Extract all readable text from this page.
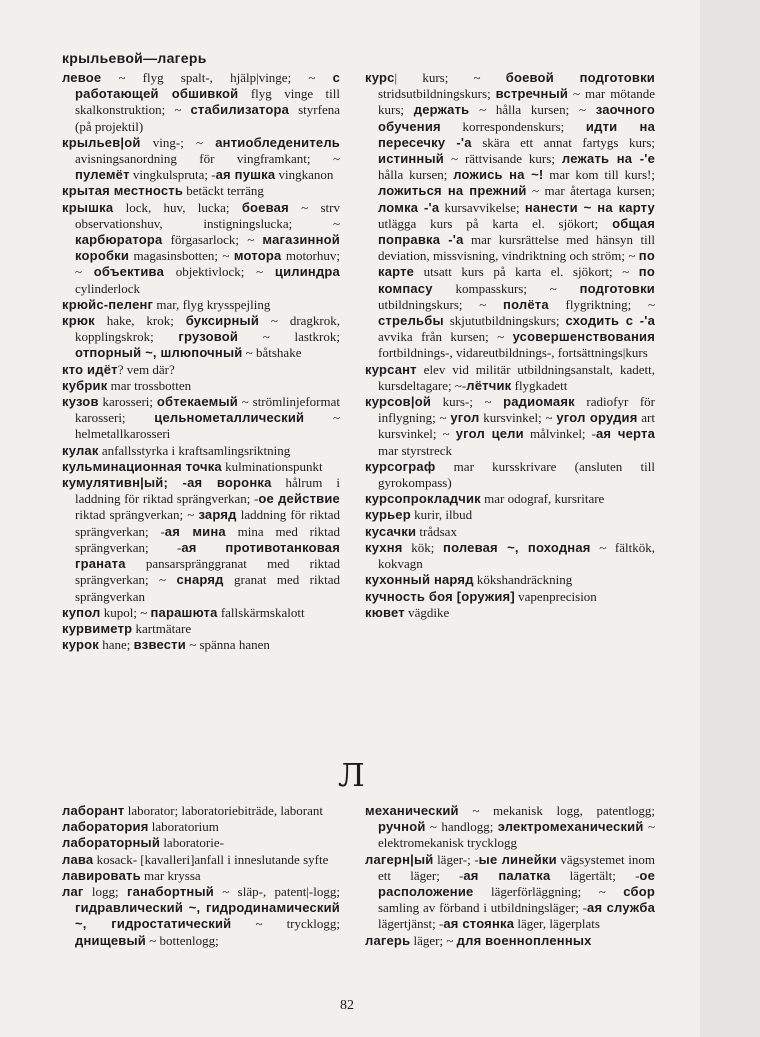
крыльевой—лагерь
левое ~ flyg spalt-, hjälp|vinge; ~ с работающей обшивкой flyg vinge till skalkonstruktion; ~ стабилизатора styrfena (på projektil)
крыльев|ой ving-; ~ антиобледенитель avisningsanordning för vingframkant; ~ пулемёт vingkulspruta; -ая пушка vingkanon
крытая местность betäckt terräng
крышка lock, huv, lucka; боевая ~ strv observationshuv, instigningslucka; ~ карбюратора förgasarlock; ~ магазинной коробки magasinsbotten; ~ мотора motorhuv; ~ объектива objektivlock; ~ цилиндра cylinderlock
крюйс-пеленг mar, flyg krysspejling
крюк hake, krok; буксирный ~ dragkrok, kopplingskrok; грузовой ~ lastkrok; отпорный ~, шлюпочный ~ båtshake
кто идёт? vem där?
кубрик mar trossbotten
кузов karosseri; обтекаемый ~ strömlinjeformat karosseri; цельнометаллический ~ helmetallkarosseri
кулак anfallsstyrka i kraftsamlingsriktning
кульминационная точка kulminationspunkt
кумулятивн|ый; -ая воронка hålrum i laddning för riktad sprängverkan; -ое действие riktad sprängverkan; ~ заряд laddning för riktad sprängverkan; -ая мина mina med riktad sprängverkan; -ая противотанковая граната pansarspränggranat med riktad sprängverkan; ~ снаряд granat med riktad sprängverkan
купол kupol; ~ парашюта fallskärmskalott
курвиметр kartmätare
курок hane; взвести ~ spänna hanen
курс| kurs; ~ боевой подготовки stridsutbildningskurs; встречный ~ mar mötande kurs; держать ~ hålla kursen; ~ заочного обучения korrespondenskurs; идти на пересечку -'а skära ett annat fartygs kurs; истинный ~ rättvisande kurs; лежать на -'е hålla kursen; ложись на ~! mar kom till kurs!; ложиться на прежний ~ mar återtaga kursen; ломка -'а kursavvikelse; нанести ~ на карту utlägga kurs på karta el. sjökort; общая поправка -'а mar kursrättelse med hänsyn till deviation, missvisning, vindriktning och ström; ~ по карте utsatt kurs på karta el. sjökort; ~ по компасу kompasskurs; ~ подготовки utbildningskurs; ~ полёта flygriktning; ~ стрельбы skjututbildningskurs; сходить с -'а avvika från kursen; ~ усовершенствования fortbildnings-, vidareutbildnings-, fortsättnings|kurs
курсант elev vid militär utbildningsanstalt, kadett, kursdeltagare; ~-лётчик flygkadett
курсов|ой kurs-; ~ радиомаяк radiofyr för inflygning; ~ угол kursvinkel; ~ угол орудия art kursvinkel; ~ угол цели målvinkel; -ая черта mar styrstreck
курсограф mar kursskrivare (ansluten till gyrokompass)
курсопрокладчик mar odograf, kursritare
курьер kurir, ilbud
кусачки trådsax
кухня kök; полевая ~, походная ~ fältkök, kokvagn
кухонный наряд kökshandräckning
кучность боя [оружия] vapenprecision
кювет vägdike
Л
лаборант laborator; laboratoriebiträde, laborant
лаборатория laboratorium
лабораторный laboratorie-
лава kosack- [kavalleri]anfall i inneslutande syfte
лавировать mar kryssa
лаг logg; ганабортный ~ släp-, patent|-logg; гидравлический ~, гидродинамический ~, гидростатический ~ trycklogg; днищевый ~ bottenlogg;
механический ~ mekanisk logg, patentlogg; ручной ~ handlogg; электромеханический ~ elektromekanisk trycklogg
лагерн|ый läger-; -ые линейки vägsystemet inom ett läger; -ая палатка lägertält; -ое расположение lägerförläggning; ~ сбор samling av förband i utbildningsläger; -ая служба lägertjänst; -ая стоянка läger, lägerplats
лагерь läger; ~ для военнопленных
82
